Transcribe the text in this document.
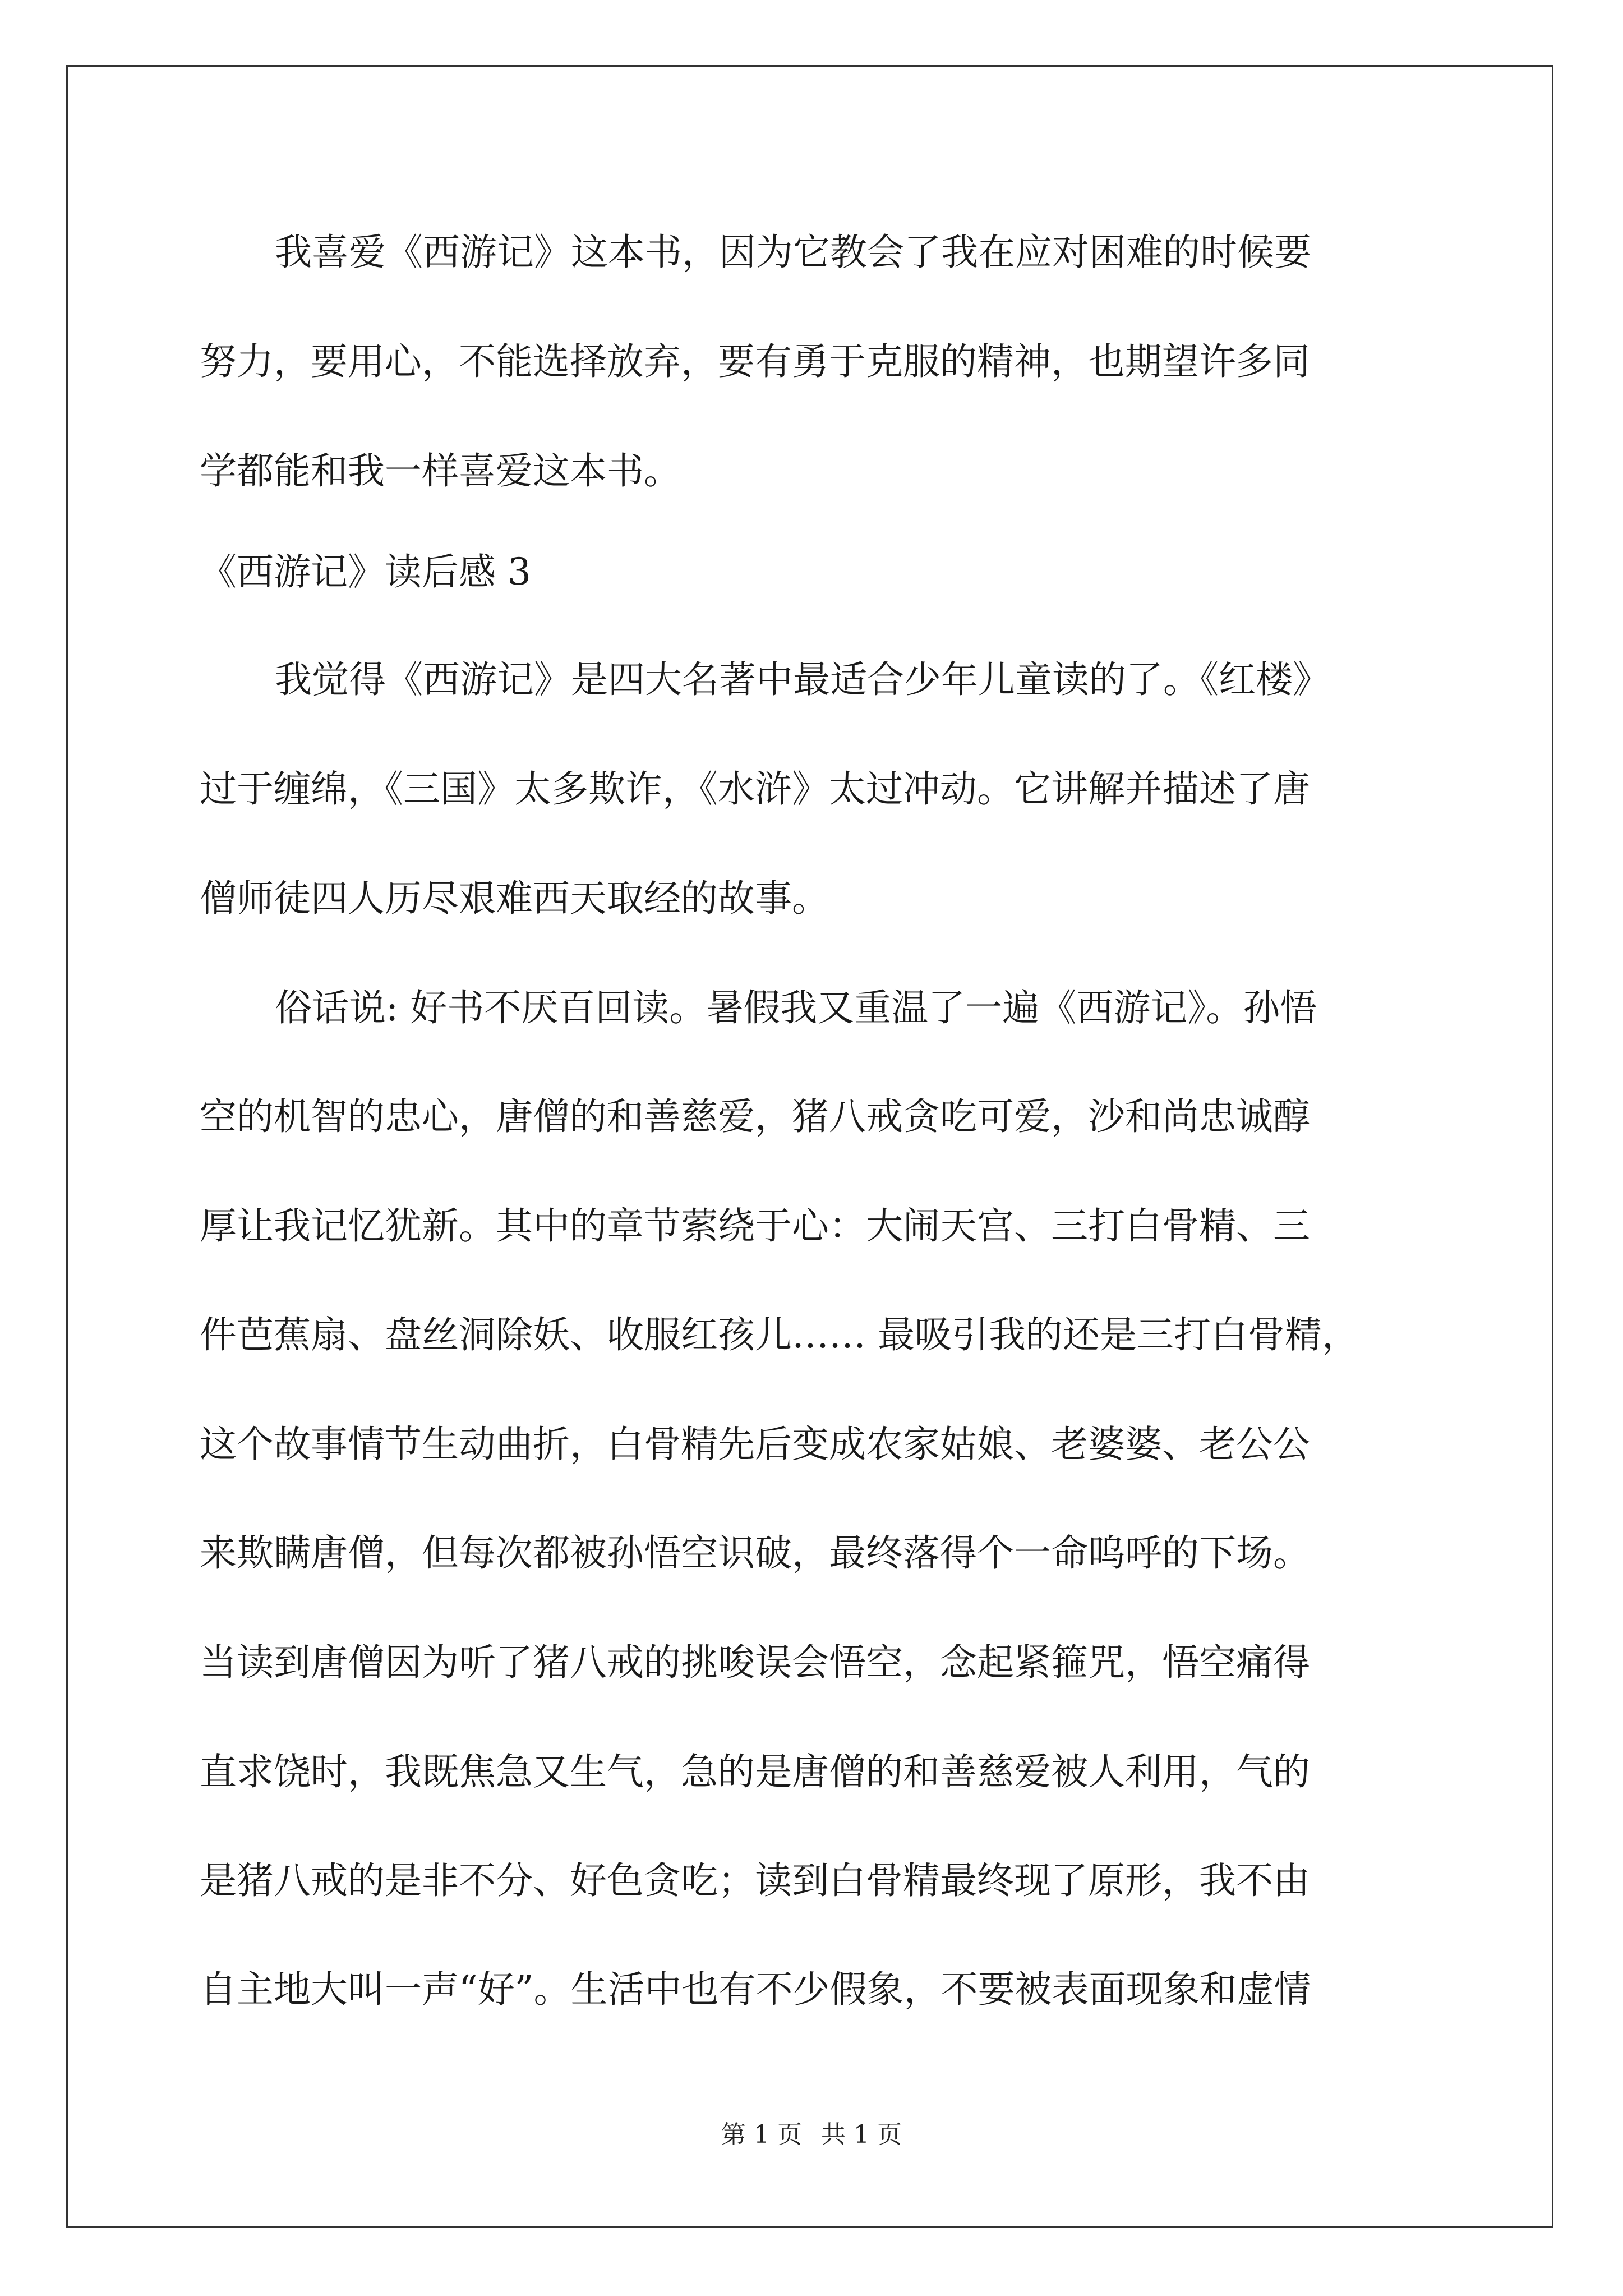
我喜爱《西游记》这本书，因为它教会了我在应对困难的时候要
努力，要用心，不能选择放弃，要有勇于克服的精神，也期望许多同
学都能和我一样喜爱这本书。
《西游记》读后感 3
我觉得《西游记》是四大名著中最适合少年儿童读的了。《红楼》
过于缠绵，《三国》太多欺诈，《水浒》太过冲动。它讲解并描述了唐
僧师徒四人历尽艰难西天取经的故事。
俗话说: 好书不厌百回读。暑假我又重温了一遍《西游记》。孙悟
空的机智的忠心，唐僧的和善慈爱，猪八戒贪吃可爱，沙和尚忠诚醇
厚让我记忆犹新。其中的章节萦绕于心：大闹天宫、三打白骨精、三
件芭蕉扇、盘丝洞除妖、收服红孩儿…… 最吸引我的还是三打白骨精，
这个故事情节生动曲折，白骨精先后变成农家姑娘、老婆婆、老公公
来欺瞒唐僧，但每次都被孙悟空识破，最终落得个一命呜呼的下场。
当读到唐僧因为听了猪八戒的挑唆误会悟空，念起紧箍咒，悟空痛得
直求饶时，我既焦急又生气，急的是唐僧的和善慈爱被人利用，气的
是猪八戒的是非不分、好色贪吃；读到白骨精最终现了原形，我不由
自主地大叫一声“好”。生活中也有不少假象，不要被表面现象和虚情
第 1 页 共 1 页
